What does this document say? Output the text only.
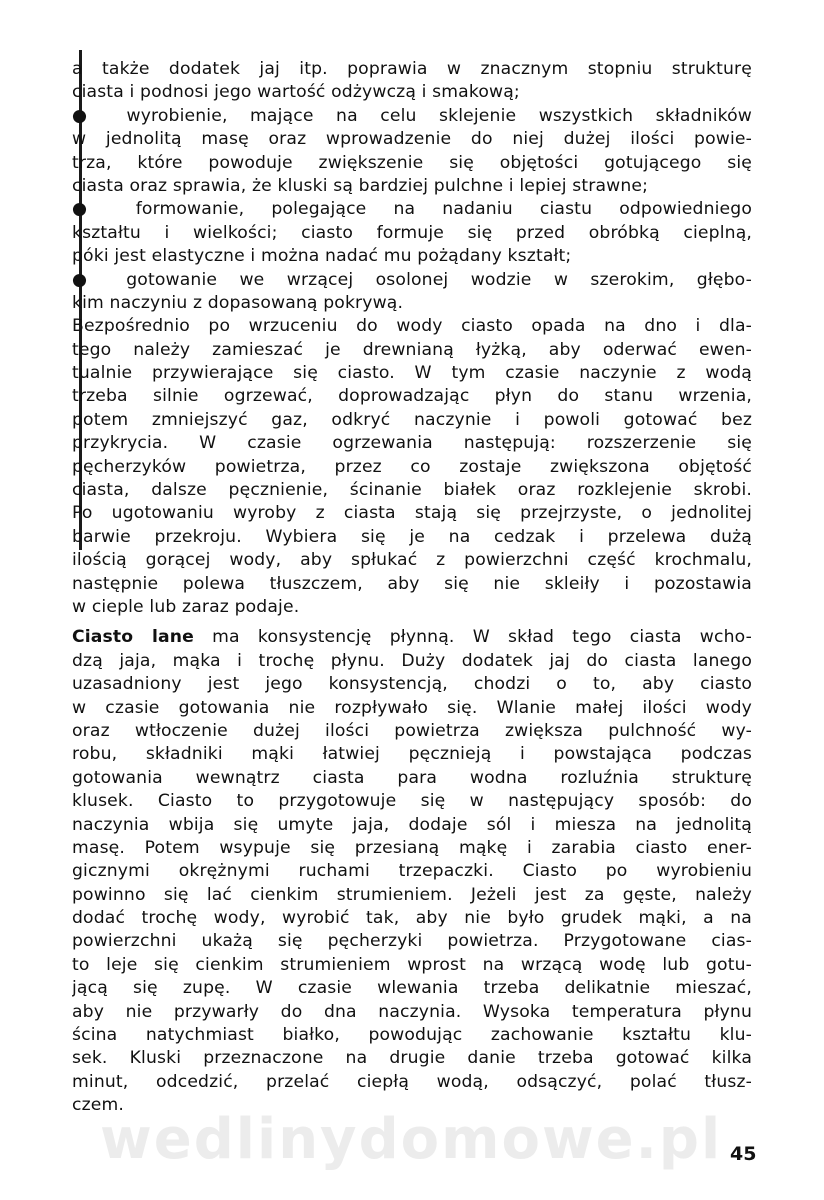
a także dodatek jaj itp. poprawia w znacznym stopniu strukturę
ciasta i podnosi jego wartość odżywczą i smakową;
● wyrobienie, mające na celu sklejenie wszystkich składników
w jednolitą masę oraz wprowadzenie do niej dużej ilości powie-
trza, które powoduje zwiększenie się objętości gotującego się
ciasta oraz sprawia, że kluski są bardziej pulchne i lepiej strawne;
● formowanie, polegające na nadaniu ciastu odpowiedniego
kształtu i wielkości; ciasto formuje się przed obróbką cieplną,
póki jest elastyczne i można nadać mu pożądany kształt;
● gotowanie we wrzącej osolonej wodzie w szerokim, głębo-
kim naczyniu z dopasowaną pokrywą.
Bezpośrednio po wrzuceniu do wody ciasto opada na dno i dla-
tego należy zamieszać je drewnianą łyżką, aby oderwać ewen-
tualnie przywierające się ciasto. W tym czasie naczynie z wodą
trzeba silnie ogrzewać, doprowadzając płyn do stanu wrzenia,
potem zmniejszyć gaz, odkryć naczynie i powoli gotować bez
przykrycia. W czasie ogrzewania następują: rozszerzenie się
pęcherzyków powietrza, przez co zostaje zwiększona objętość
ciasta, dalsze pęcznienie, ścinanie białek oraz rozklejenie skrobi.
Po ugotowaniu wyroby z ciasta stają się przejrzyste, o jednolitej
barwie przekroju. Wybiera się je na cedzak i przelewa dużą
ilością gorącej wody, aby spłukać z powierzchni część krochmalu,
następnie polewa tłuszczem, aby się nie skleiły i pozostawia
w cieple lub zaraz podaje.
Ciasto lane ma konsystencję płynną. W skład tego ciasta wcho-
dzą jaja, mąka i trochę płynu. Duży dodatek jaj do ciasta lanego
uzasadniony jest jego konsystencją, chodzi o to, aby ciasto
w czasie gotowania nie rozpływało się. Wlanie małej ilości wody
oraz wtłoczenie dużej ilości powietrza zwiększa pulchność wy-
robu, składniki mąki łatwiej pęcznieją i powstająca podczas
gotowania wewnątrz ciasta para wodna rozluźnia strukturę
klusek. Ciasto to przygotowuje się w następujący sposób: do
naczynia wbija się umyte jaja, dodaje sól i miesza na jednolitą
masę. Potem wsypuje się przesianą mąkę i zarabia ciasto ener-
gicznymi okrężnymi ruchami trzepaczki. Ciasto po wyrobieniu
powinno się lać cienkim strumieniem. Jeżeli jest za gęste, należy
dodać trochę wody, wyrobić tak, aby nie było grudek mąki, a na
powierzchni ukażą się pęcherzyki powietrza. Przygotowane cias-
to leje się cienkim strumieniem wprost na wrzącą wodę lub gotu-
jącą się zupę. W czasie wlewania trzeba delikatnie mieszać,
aby nie przywarły do dna naczynia. Wysoka temperatura płynu
ścina natychmiast białko, powodując zachowanie kształtu klu-
sek. Kluski przeznaczone na drugie danie trzeba gotować kilka
minut, odcedzić, przelać ciepłą wodą, odsączyć, polać tłusz-
czem.
wedlinydomowe.pl 45
